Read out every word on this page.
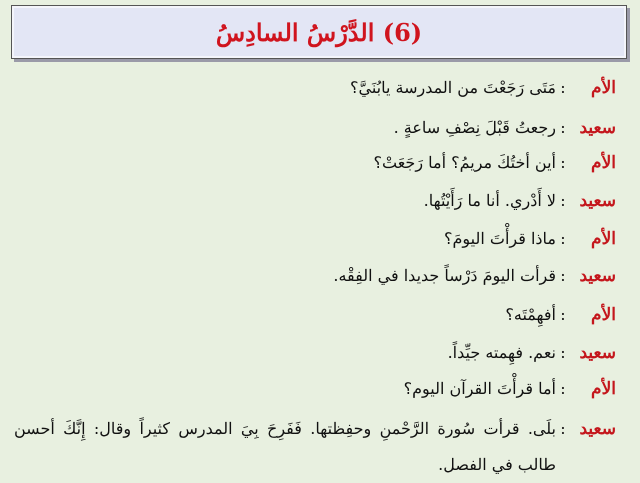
(6) الدَّرْسُ السادِسُ
الأم
:
مَتَى رَجَعْتَ من المدرسة يابُنَيَّ؟
سعيد
:
رجعتُ قَبْلَ نِصْفِ ساعةٍ .
الأم
:
أين أختُكَ مريمُ؟ أما رَجَعَتْ؟
سعيد
:
لا أَدْري. أنا ما رَأَيْتُها.
الأم
:
ماذا قرأْتَ اليومَ؟
سعيد
:
قرأت اليومَ دَرْساً جديدا في الفِقْه.
الأم
:
أفهِمْتَه؟
سعيد
:
نعم. فهِمته جيِّداً.
الأم
:
أما قرأْتَ القرآن اليوم؟
سعيد
:
بلَى. قرأت سُورة الرَّحْمنِ وحفِظتها. فَفَرِحَ بِيَ المدرس كثيراً وقال: إِنَّكَ أحسن طالب في الفصل.
